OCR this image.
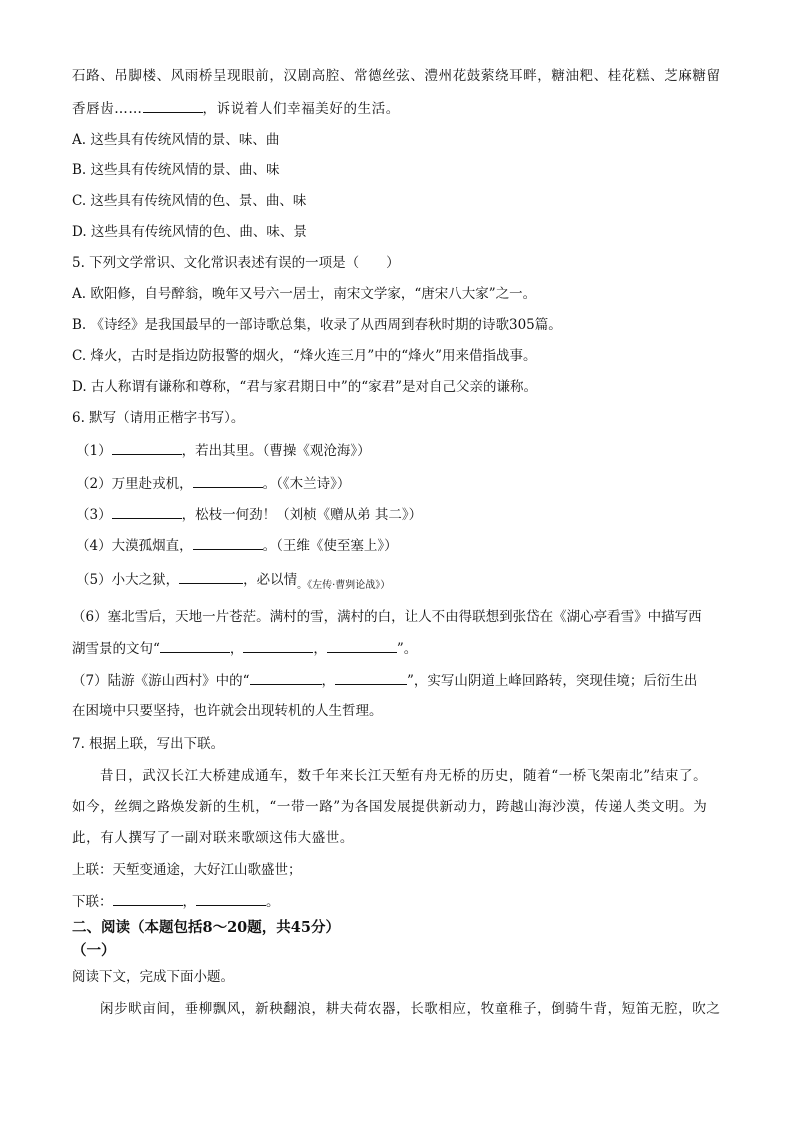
石路、吊脚楼、风雨桥呈现眼前，汉剧高腔、常德丝弦、澧州花鼓萦绕耳畔，糖油粑、桂花糕、芝麻糖留
香唇齿……	，诉说着人们幸福美好的生活。
A. 这些具有传统风情的景、味、曲
B. 这些具有传统风情的景、曲、味
C. 这些具有传统风情的色、景、曲、味
D. 这些具有传统风情的色、曲、味、景
5. 下列文学常识、文化常识表述有误的一项是（　　）
A. 欧阳修，自号醉翁，晚年又号六一居士，南宋文学家，“唐宋八大家”之一。
B. 《诗经》是我国最早的一部诗歌总集，收录了从西周到春秋时期的诗歌305篇。
C. 烽火，古时是指边防报警的烟火，“烽火连三月”中的“烽火”用来借指战事。
D. 古人称谓有谦称和尊称，“君与家君期日中”的“家君”是对自己父亲的谦称。
6. 默写（请用正楷字书写）。
（1）	，若出其里。（曹操《观沧海》）
（2）万里赴戎机，	。（《木兰诗》）
（3）	，松枝一何劲！（刘桢《赠从弟 其二》）
（4）大漠孤烟直，	。（王维《使至塞上》）
（5）小大之狱，	，必以情$_{。《左传\cdot 曹刿论战》)}$
（6）塞北雪后，天地一片苍茫。满村的雪，满村的白，让人不由得联想到张岱在《湖心亭看雪》中描写西
湖雪景的文句“	，	，	”。
（7）陆游《游山西村》中的“	，	”，实写山阴道上峰回路转，突现佳境；后衍生出
在困境中只要坚持，也许就会出现转机的人生哲理。
7. 根据上联，写出下联。
昔日，武汉长江大桥建成通车，数千年来长江天堑有舟无桥的历史，随着“一桥飞架南北”结束了。
如今，丝绸之路焕发新的生机，“一带一路”为各国发展提供新动力，跨越山海沙漠，传递人类文明。为
此，有人撰写了一副对联来歌颂这伟大盛世。
上联：天堑变通途，大好江山歌盛世；
下联：	，	。
二、阅读（本题包括8～20题，共45分）
（一）
阅读下文，完成下面小题。
闲步畎亩间，垂柳飘风，新秧翻浪，耕夫荷农器，长歌相应，牧童稚子，倒骑牛背，短笛无腔，吹之
